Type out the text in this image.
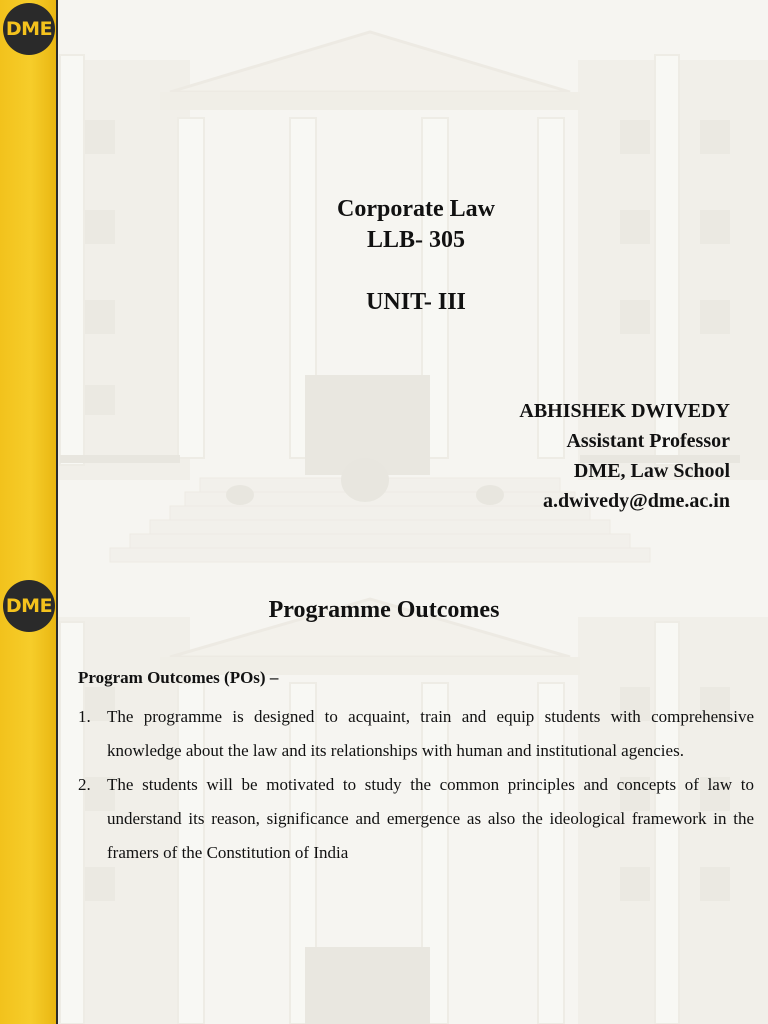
DME
Corporate Law
LLB- 305
UNIT- III
ABHISHEK DWIVEDY
Assistant Professor
DME, Law School
a.dwivedy@dme.ac.in
DME	Programme Outcomes
Program Outcomes (POs) –
1. The programme is designed to acquaint, train and equip students with comprehensive knowledge about the law and its relationships with human and institutional agencies.
2. The students will be motivated to study the common principles and concepts of law to understand its reason, significance and emergence as also the ideological framework in the framers of the Constitution of India
